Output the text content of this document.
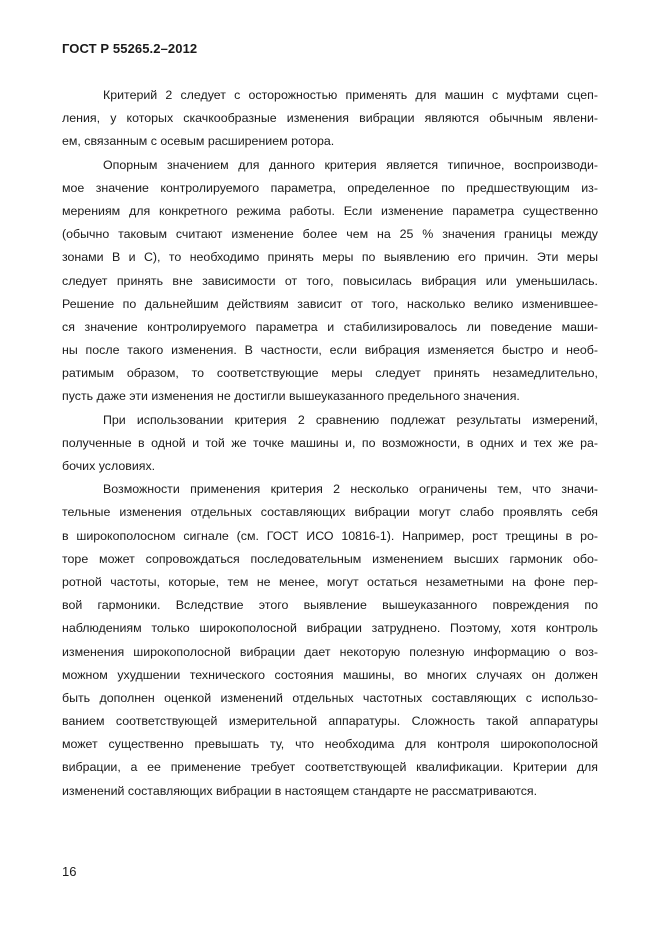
ГОСТ Р 55265.2–2012
Критерий 2 следует с осторожностью применять для машин с муфтами сцеп-
ления, у которых скачкообразные изменения вибрации являются обычным явлени-
ем, связанным с осевым расширением ротора.
Опорным значением для данного критерия является типичное, воспроизводи-
мое значение контролируемого параметра, определенное по предшествующим из-
мерениям для конкретного режима работы. Если изменение параметра существенно
(обычно таковым считают изменение более чем на 25 % значения границы между
зонами В и С), то необходимо принять меры по выявлению его причин. Эти меры
следует принять вне зависимости от того, повысилась вибрация или уменьшилась.
Решение по дальнейшим действиям зависит от того, насколько велико изменившее-
ся значение контролируемого параметра и стабилизировалось ли поведение маши-
ны после такого изменения. В частности, если вибрация изменяется быстро и необ-
ратимым образом, то соответствующие меры следует принять незамедлительно,
пусть даже эти изменения не достигли вышеуказанного предельного значения.
При использовании критерия 2 сравнению подлежат результаты измерений,
полученные в одной и той же точке машины и, по возможности, в одних и тех же ра-
бочих условиях.
Возможности применения критерия 2 несколько ограничены тем, что значи-
тельные изменения отдельных составляющих вибрации могут слабо проявлять себя
в широкополосном сигнале (см. ГОСТ ИСО 10816-1). Например, рост трещины в ро-
торе может сопровождаться последовательным изменением высших гармоник обо-
ротной частоты, которые, тем не менее, могут остаться незаметными на фоне пер-
вой гармоники. Вследствие этого выявление вышеуказанного повреждения по
наблюдениям только широкополосной вибрации затруднено. Поэтому, хотя контроль
изменения широкополосной вибрации дает некоторую полезную информацию о воз-
можном ухудшении технического состояния машины, во многих случаях он должен
быть дополнен оценкой изменений отдельных частотных составляющих с использо-
ванием соответствующей измерительной аппаратуры. Сложность такой аппаратуры
может существенно превышать ту, что необходима для контроля широкополосной
вибрации, а ее применение требует соответствующей квалификации. Критерии для
изменений составляющих вибрации в настоящем стандарте не рассматриваются.
16
